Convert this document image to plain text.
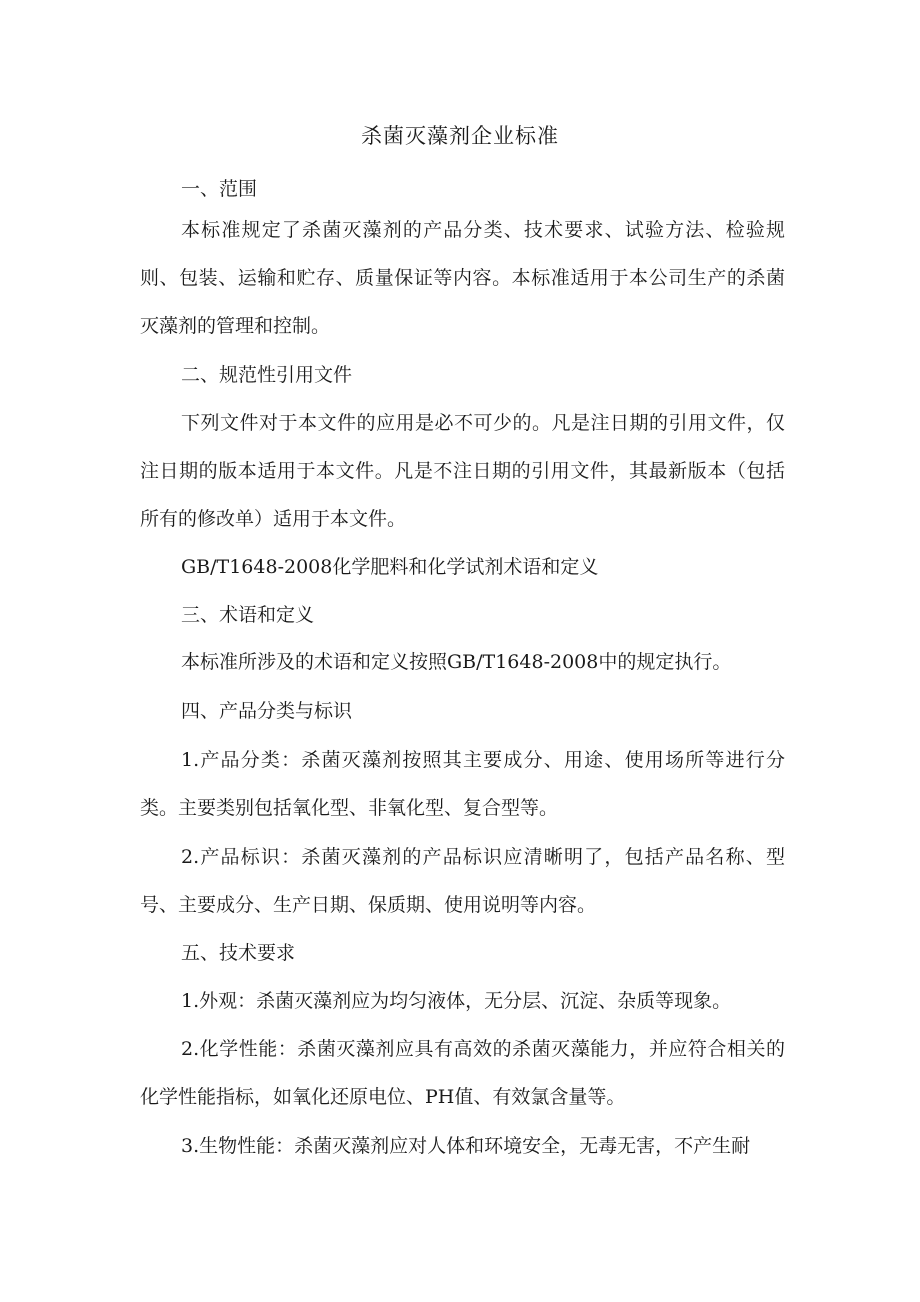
杀菌灭藻剂企业标准

一、范围

本标准规定了杀菌灭藻剂的产品分类、技术要求、试验方法、检验规则、包装、运输和贮存、质量保证等内容。本标准适用于本公司生产的杀菌灭藻剂的管理和控制。

二、规范性引用文件

下列文件对于本文件的应用是必不可少的。凡是注日期的引用文件，仅注日期的版本适用于本文件。凡是不注日期的引用文件，其最新版本（包括所有的修改单）适用于本文件。

GB/T1648-2008化学肥料和化学试剂术语和定义

三、术语和定义

本标准所涉及的术语和定义按照GB/T1648-2008中的规定执行。

四、产品分类与标识

1.产品分类：杀菌灭藻剂按照其主要成分、用途、使用场所等进行分类。主要类别包括氧化型、非氧化型、复合型等。

2.产品标识：杀菌灭藻剂的产品标识应清晰明了，包括产品名称、型号、主要成分、生产日期、保质期、使用说明等内容。

五、技术要求

1.外观：杀菌灭藻剂应为均匀液体，无分层、沉淀、杂质等现象。

2.化学性能：杀菌灭藻剂应具有高效的杀菌灭藻能力，并应符合相关的化学性能指标，如氧化还原电位、PH值、有效氯含量等。

3.生物性能：杀菌灭藻剂应对人体和环境安全，无毒无害，不产生耐
